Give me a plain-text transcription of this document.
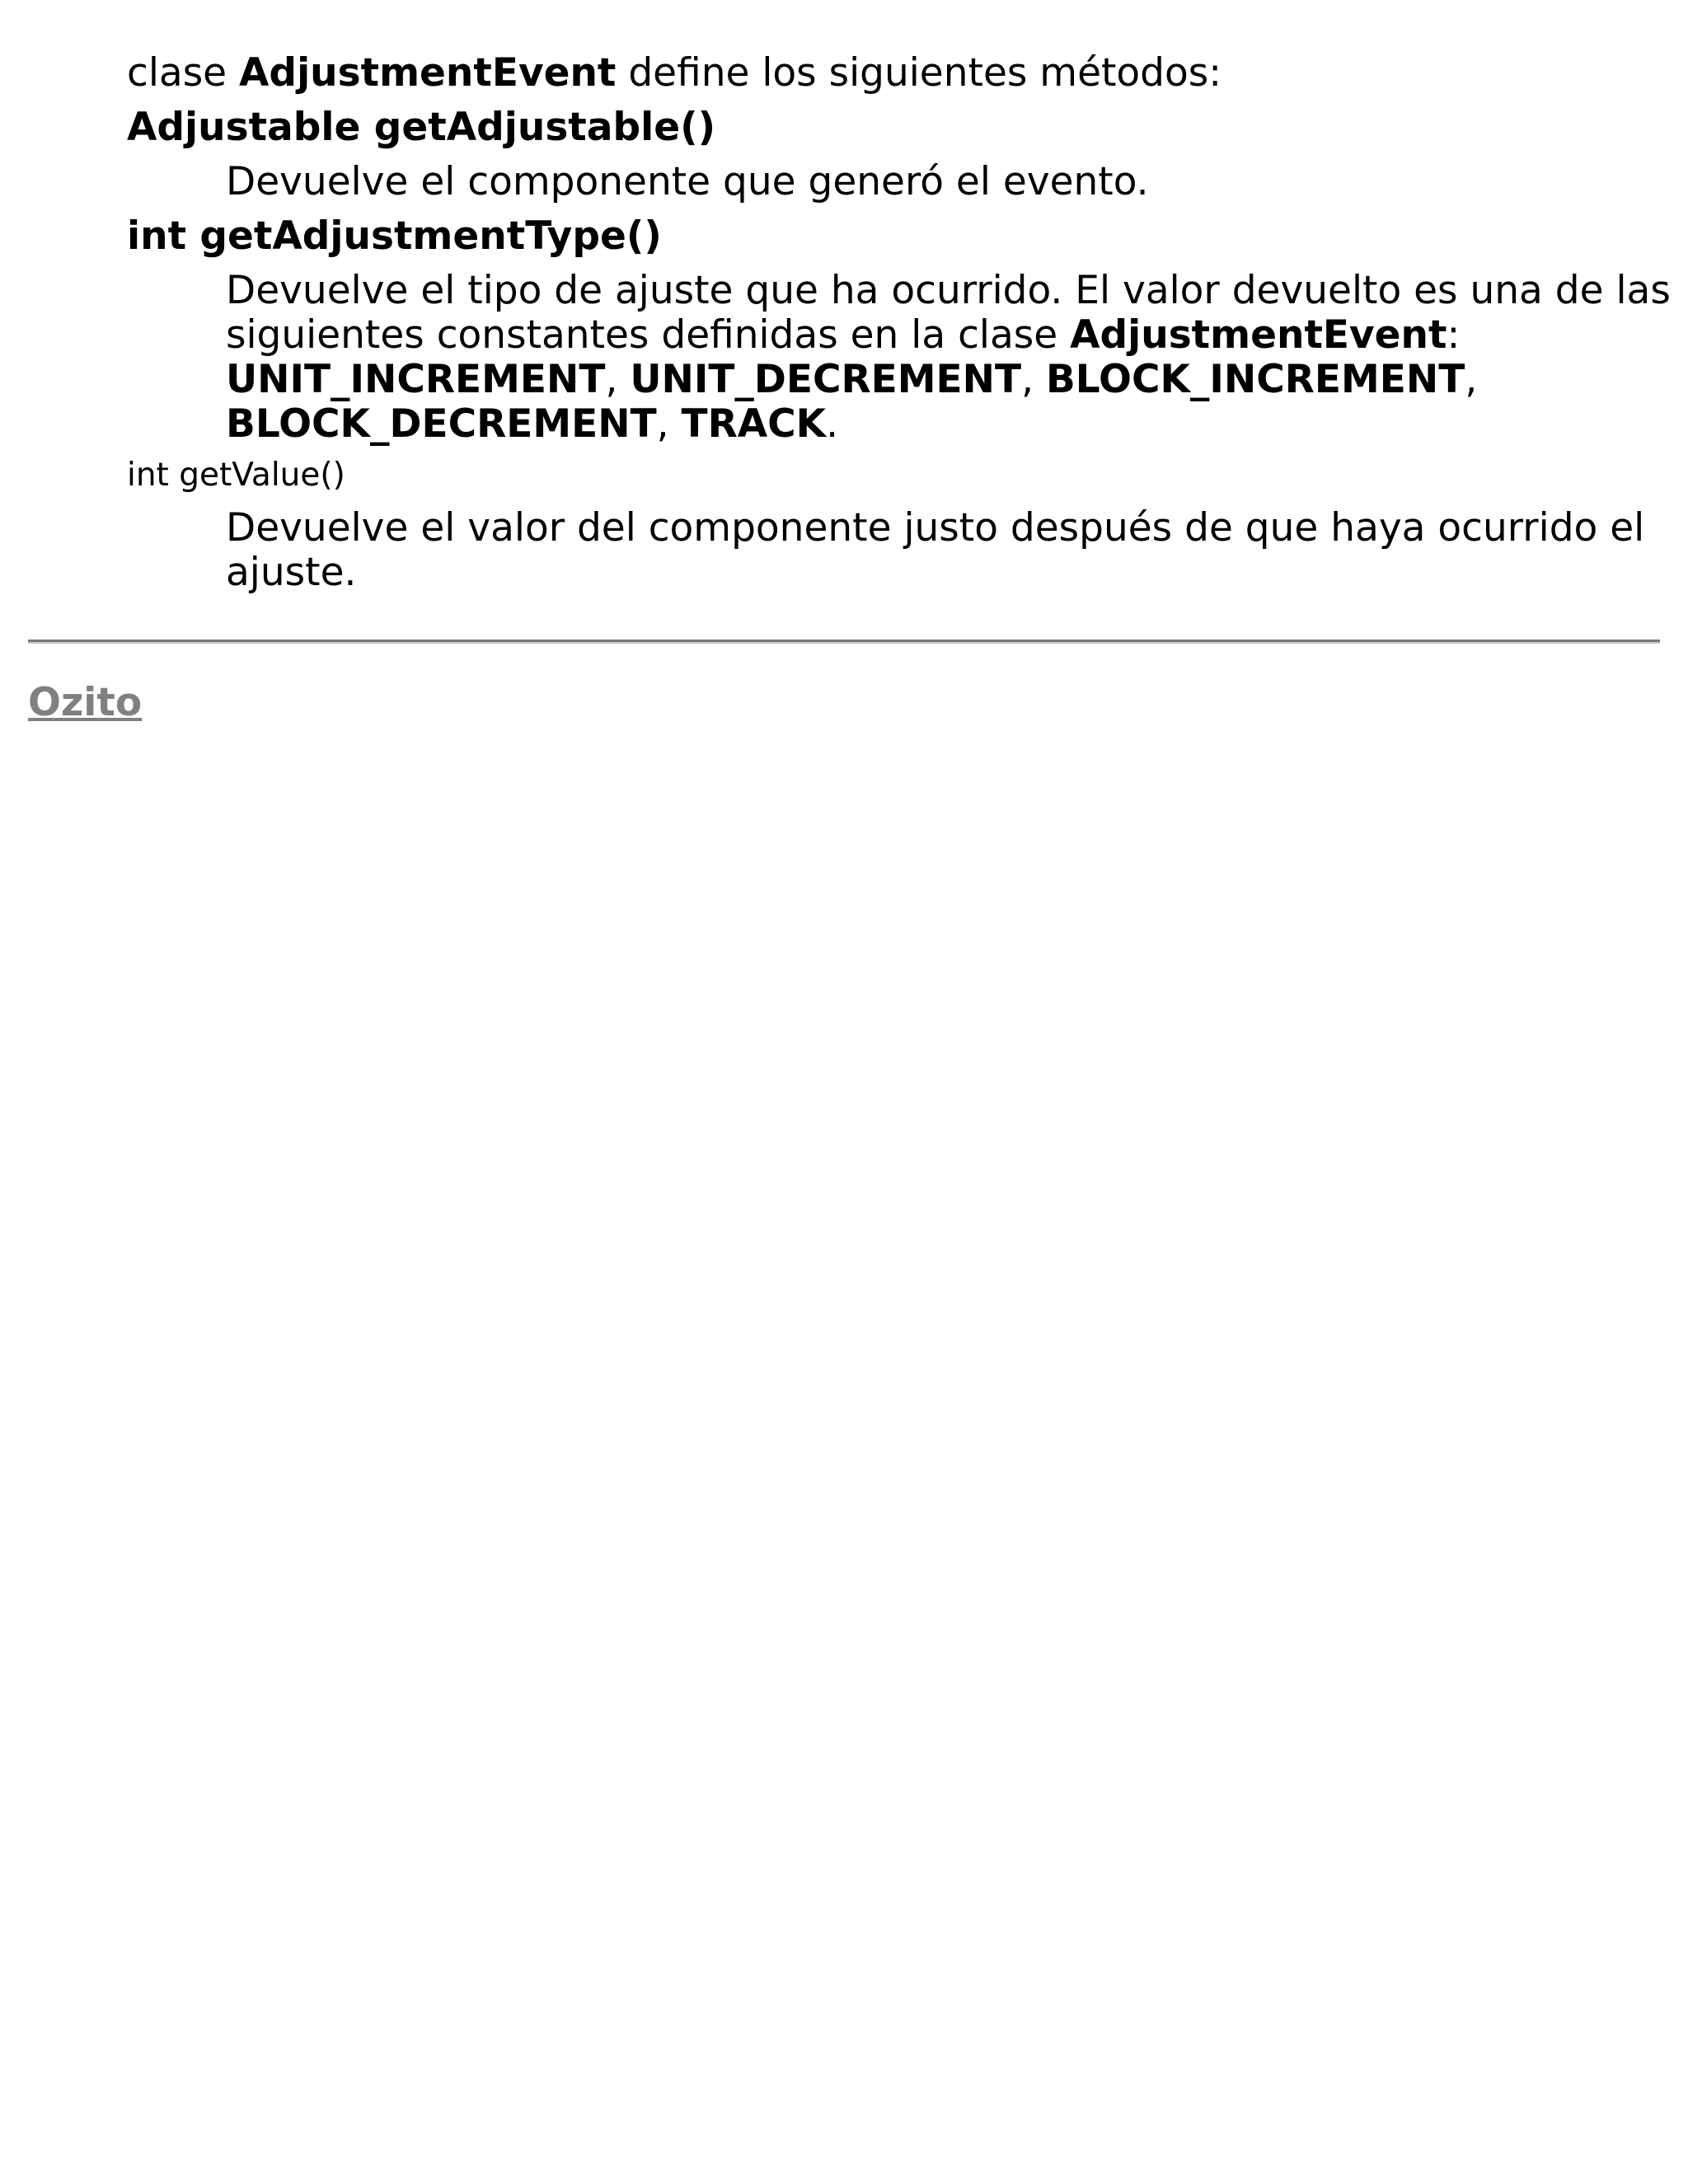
clase AdjustmentEvent define los siguientes métodos:

Adjustable getAdjustable()

Devuelve el componente que generó el evento.

int getAdjustmentType()

Devuelve el tipo de ajuste que ha ocurrido. El valor devuelto es una de las siguientes constantes definidas en la clase AdjustmentEvent: UNIT_INCREMENT, UNIT_DECREMENT, BLOCK_INCREMENT, BLOCK_DECREMENT, TRACK.

int getValue()

Devuelve el valor del componente justo después de que haya ocurrido el ajuste.

Ozito
